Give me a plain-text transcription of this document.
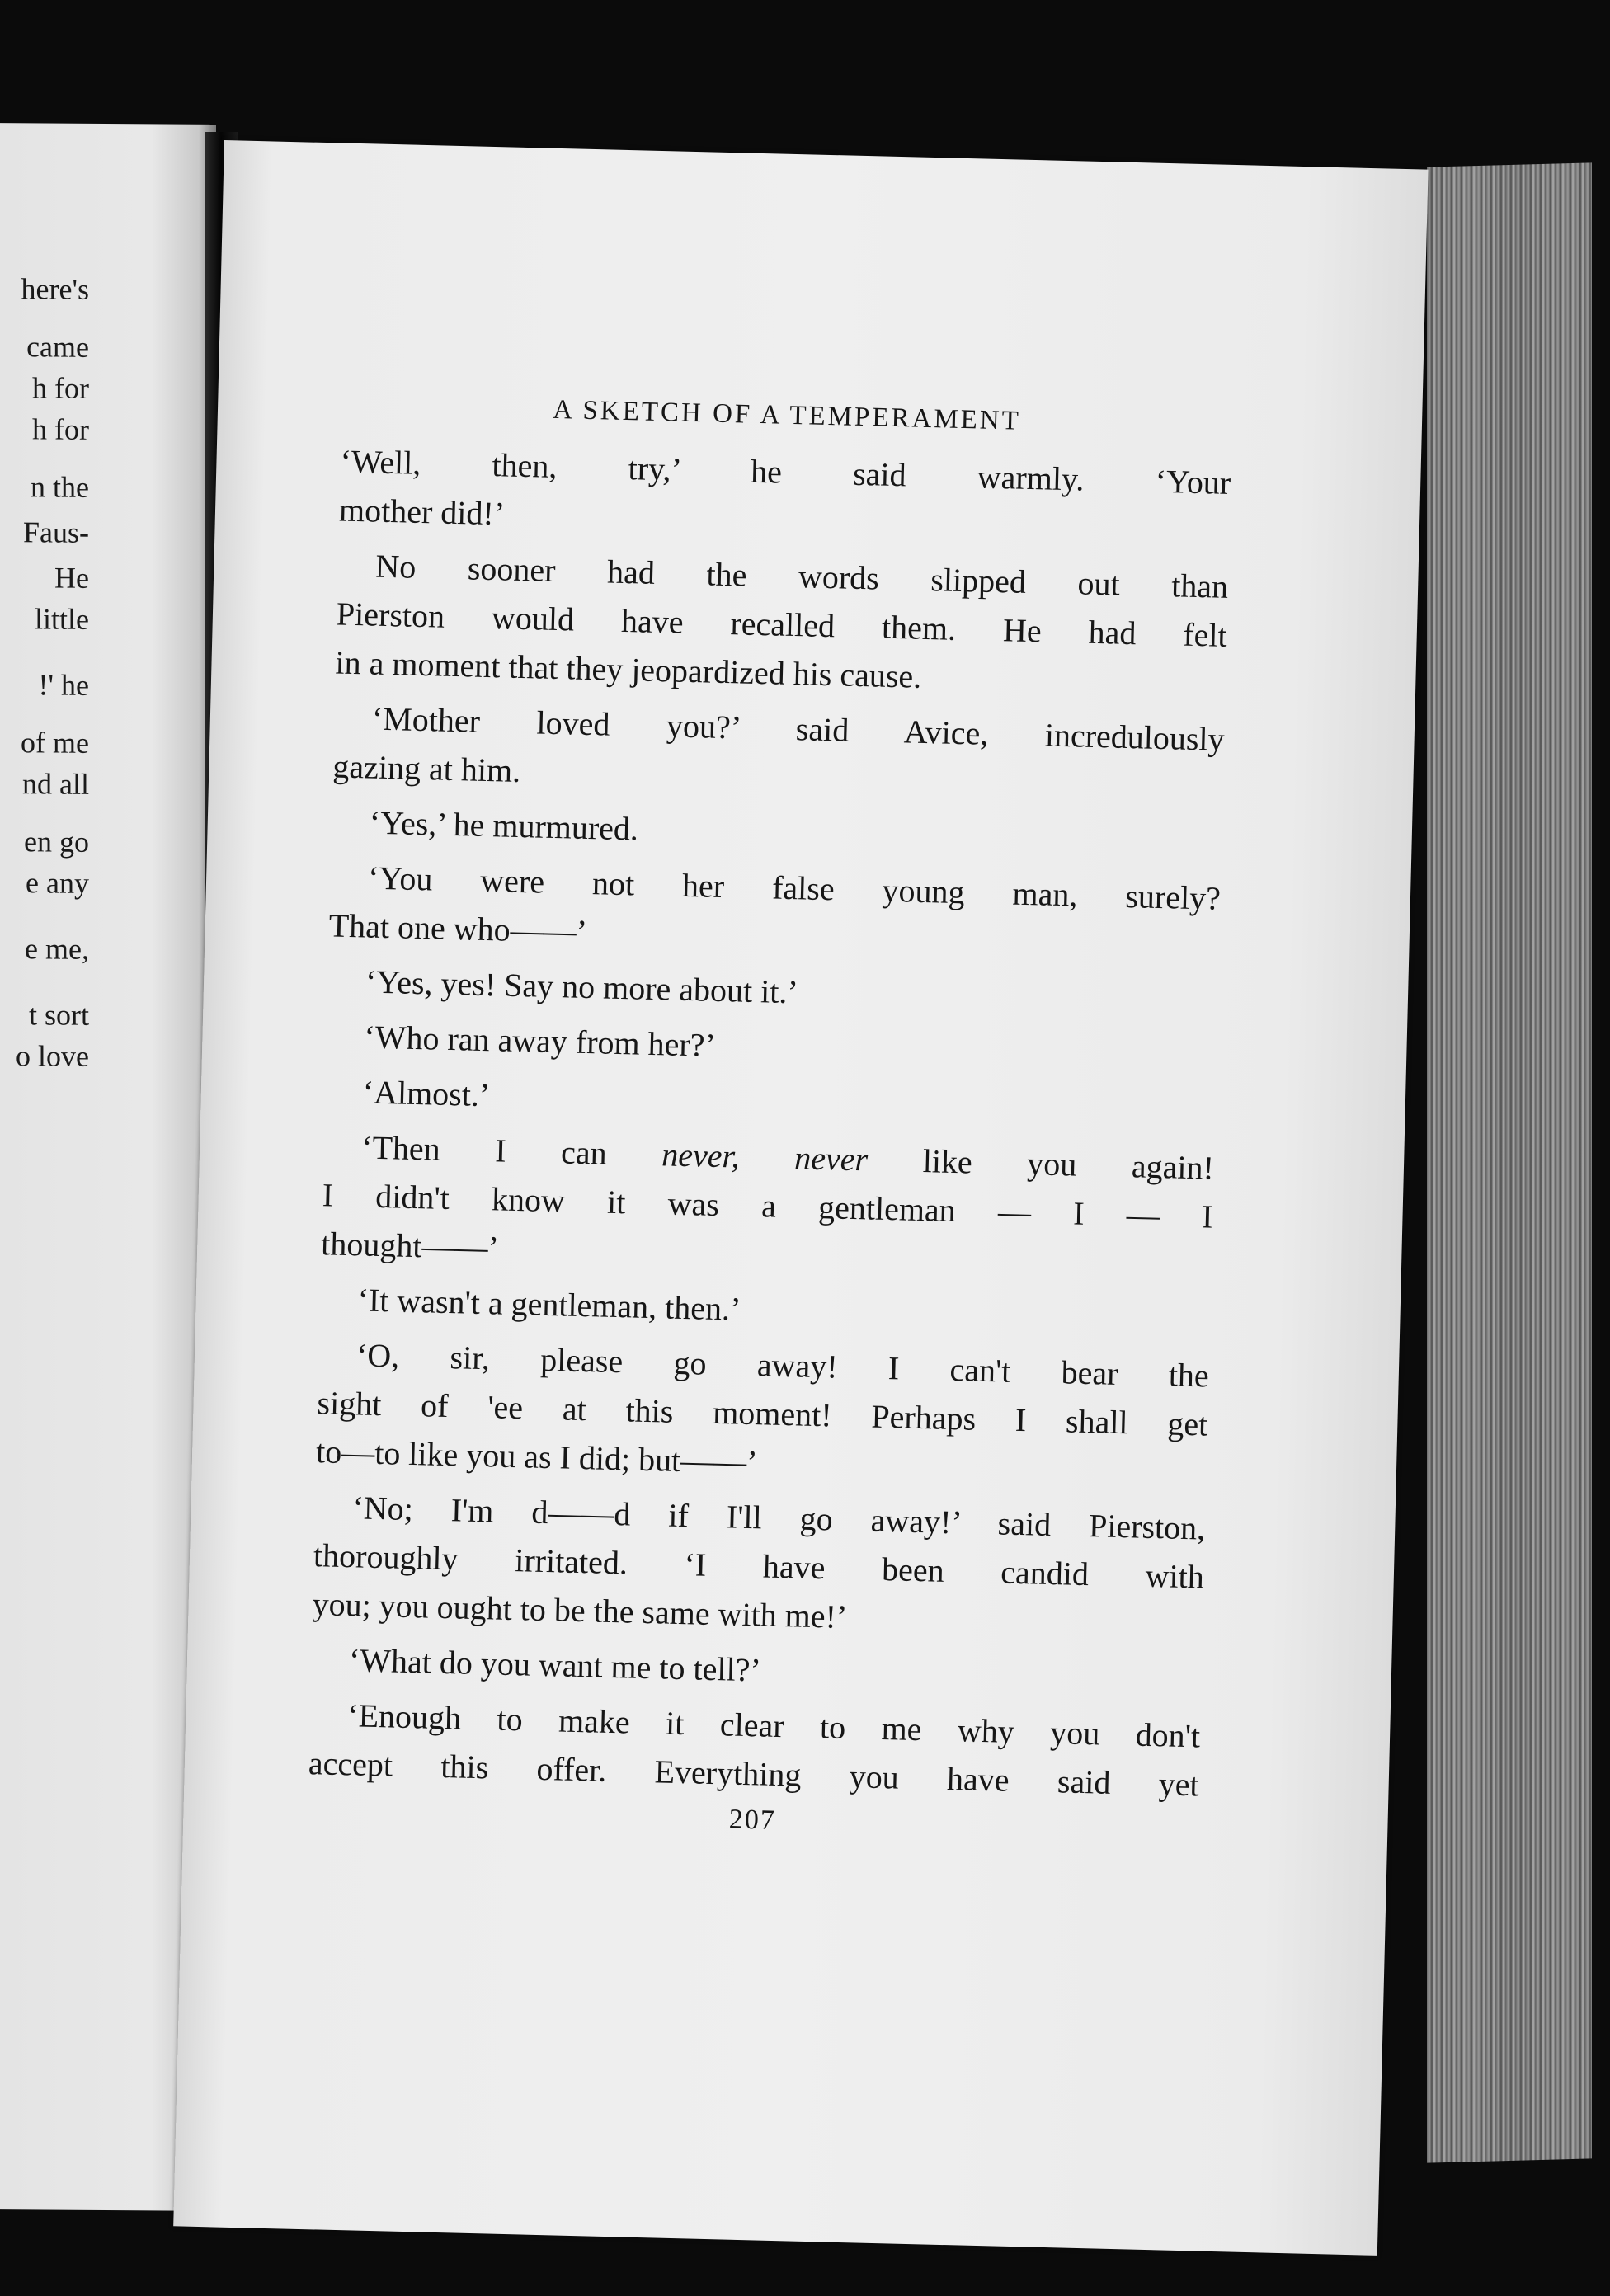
here's
came
h for
h for
n the
Faus-
He
little
!' he
of me
nd all
en go
e any
e me,
t sort
o love
A SKETCH OF A TEMPERAMENT

‘Well, then, try,’ he said warmly. ‘Your
mother did!’

No sooner had the words slipped out than
Pierston would have recalled them. He had felt
in a moment that they jeopardized his cause.

‘Mother loved you?’ said Avice, incredulously
gazing at him.

‘Yes,’ he murmured.

‘You were not her false young man, surely?
That one who——’

‘Yes, yes! Say no more about it.’

‘Who ran away from her?’

‘Almost.’

‘Then I can never, never like you again!
I didn't know it was a gentleman — I — I
thought——’

‘It wasn't a gentleman, then.’

‘O, sir, please go away! I can't bear the
sight of 'ee at this moment! Perhaps I shall get
to—to like you as I did; but——’

‘No; I'm d——d if I'll go away!’ said Pierston,
thoroughly irritated. ‘I have been candid with
you; you ought to be the same with me!’

‘What do you want me to tell?’

‘Enough to make it clear to me why you don't
accept this offer. Everything you have said yet

207
